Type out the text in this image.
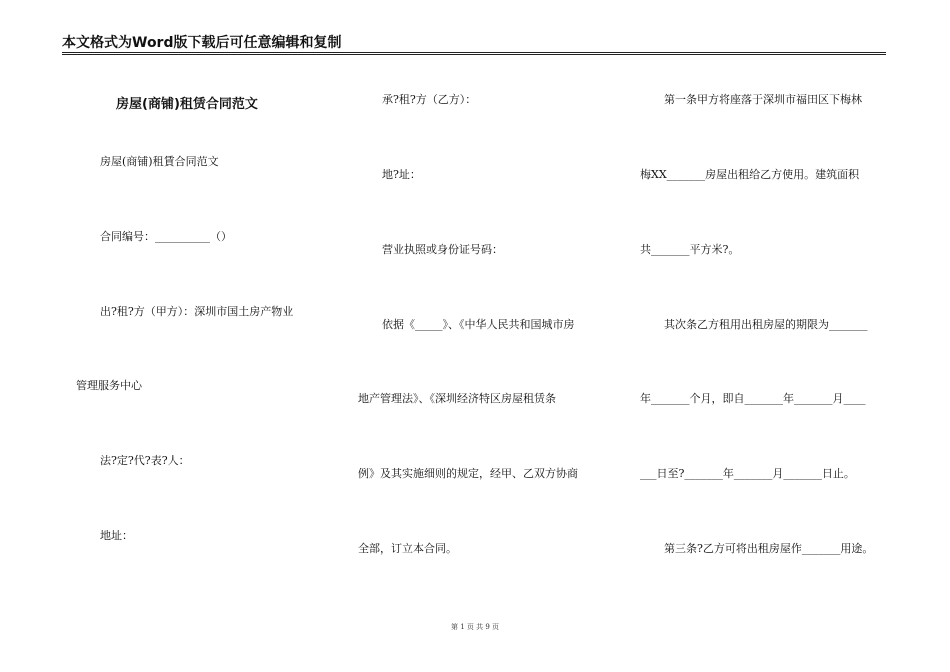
本文格式为Word版下载后可任意编辑和复制
房屋(商铺)租赁合同范文
房屋(商铺)租賃合同范文
合同编号：__________（）
出?租?方（甲方）：深圳市国土房产物业
管理服务中心
法?定?代?表?人：
地址：
承?租?方（乙方）：
地?址：
营业执照或身份证号码：
依据《_____》、《中华人民共和国城市房
地产管理法》、《深圳经济特区房屋租赁条
例》及其实施细则的规定，经甲、乙双方协商
全部，订立本合同。
第一条甲方将座落于深圳市福田区下梅林
梅XX_______房屋出租给乙方使用。建筑面积
共_______平方米?。
其次条乙方租用出租房屋的期限为_______
年_______个月，即自_______年_______月____
___日至?_______年_______月_______日止。
第三条?乙方可将出租房屋作_______用途。
第 1 页 共 9 页
